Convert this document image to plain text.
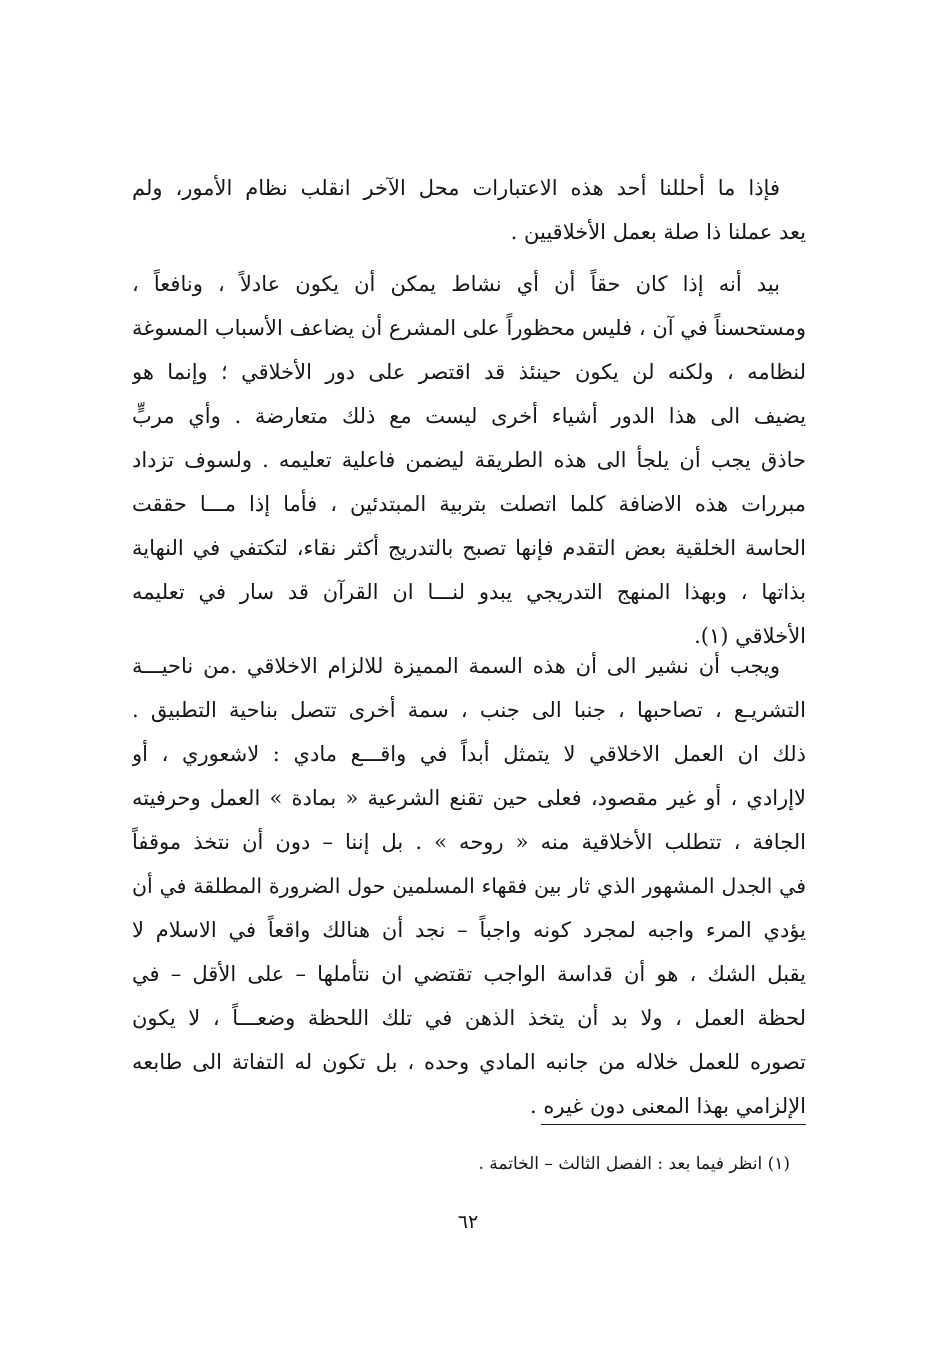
فإذا ما أحللنا أحد هذه الاعتبارات محل الآخر انقلب نظام الأمور، ولم
يعد عملنا ذا صلة بعمل الأخلاقيين .
بيد أنه إذا كان حقاً أن أي نشاط يمكن أن يكون عادلاً ، ونافعاً ،
ومستحسناً في آن ، فليس محظوراً على المشرع أن يضاعف الأسباب المسوغة
لنظامه ، ولكنه لن يكون حينئذ قد اقتصر على دور الأخلاقي ؛ وإنما هو
يضيف الى هذا الدور أشياء أخرى ليست مع ذلك متعارضة . وأي مربٍّ
حاذق يجب أن يلجأ الى هذه الطريقة ليضمن فاعلية تعليمه . ولسوف تزداد
مبررات هذه الاضافة كلما اتصلت بتربية المبتدئين ، فأما إذا مـــا حققت
الحاسة الخلقية بعض التقدم فإنها تصبح بالتدريج أكثر نقاء، لتكتفي في النهاية
بذاتها ، وبهذا المنهج التدريجي يبدو لنـــا ان القرآن قد سار في تعليمه
الأخلاقي (١).
ويجب أن نشير الى أن هذه السمة المميزة للالزام الاخلاقي .من ناحيـــة
التشريـع ، تصاحبها ، جنبا الى جنب ، سمة أخرى تتصل بناحية التطبيق .
ذلك ان العمل الاخلاقي لا يتمثل أبداً في واقـــع مادي : لاشعوري ، أو
لاإرادي ، أو غير مقصود، فعلى حين تقنع الشرعية « بمادة » العمل وحرفيته
الجافة ، تتطلب الأخلاقية منه « روحه » . بل إننا – دون أن نتخذ موقفاً
في الجدل المشهور الذي ثار بين فقهاء المسلمين حول الضرورة المطلقة في أن
يؤدي المرء واجبه لمجرد كونه واجباً – نجد أن هنالك واقعاً في الاسلام لا
يقبل الشك ، هو أن قداسة الواجب تقتضي ان نتأملها – على الأقل – في
لحظة العمل ، ولا بد أن يتخذ الذهن في تلك اللحظة وضعـــاً ، لا يكون
تصوره للعمل خلاله من جانبه المادي وحده ، بل تكون له التفاتة الى طابعه
الإلزامي بهذا المعنى دون غيره .
(١) انظر فيما بعد : الفصل الثالث – الخاتمة .
٦٢
